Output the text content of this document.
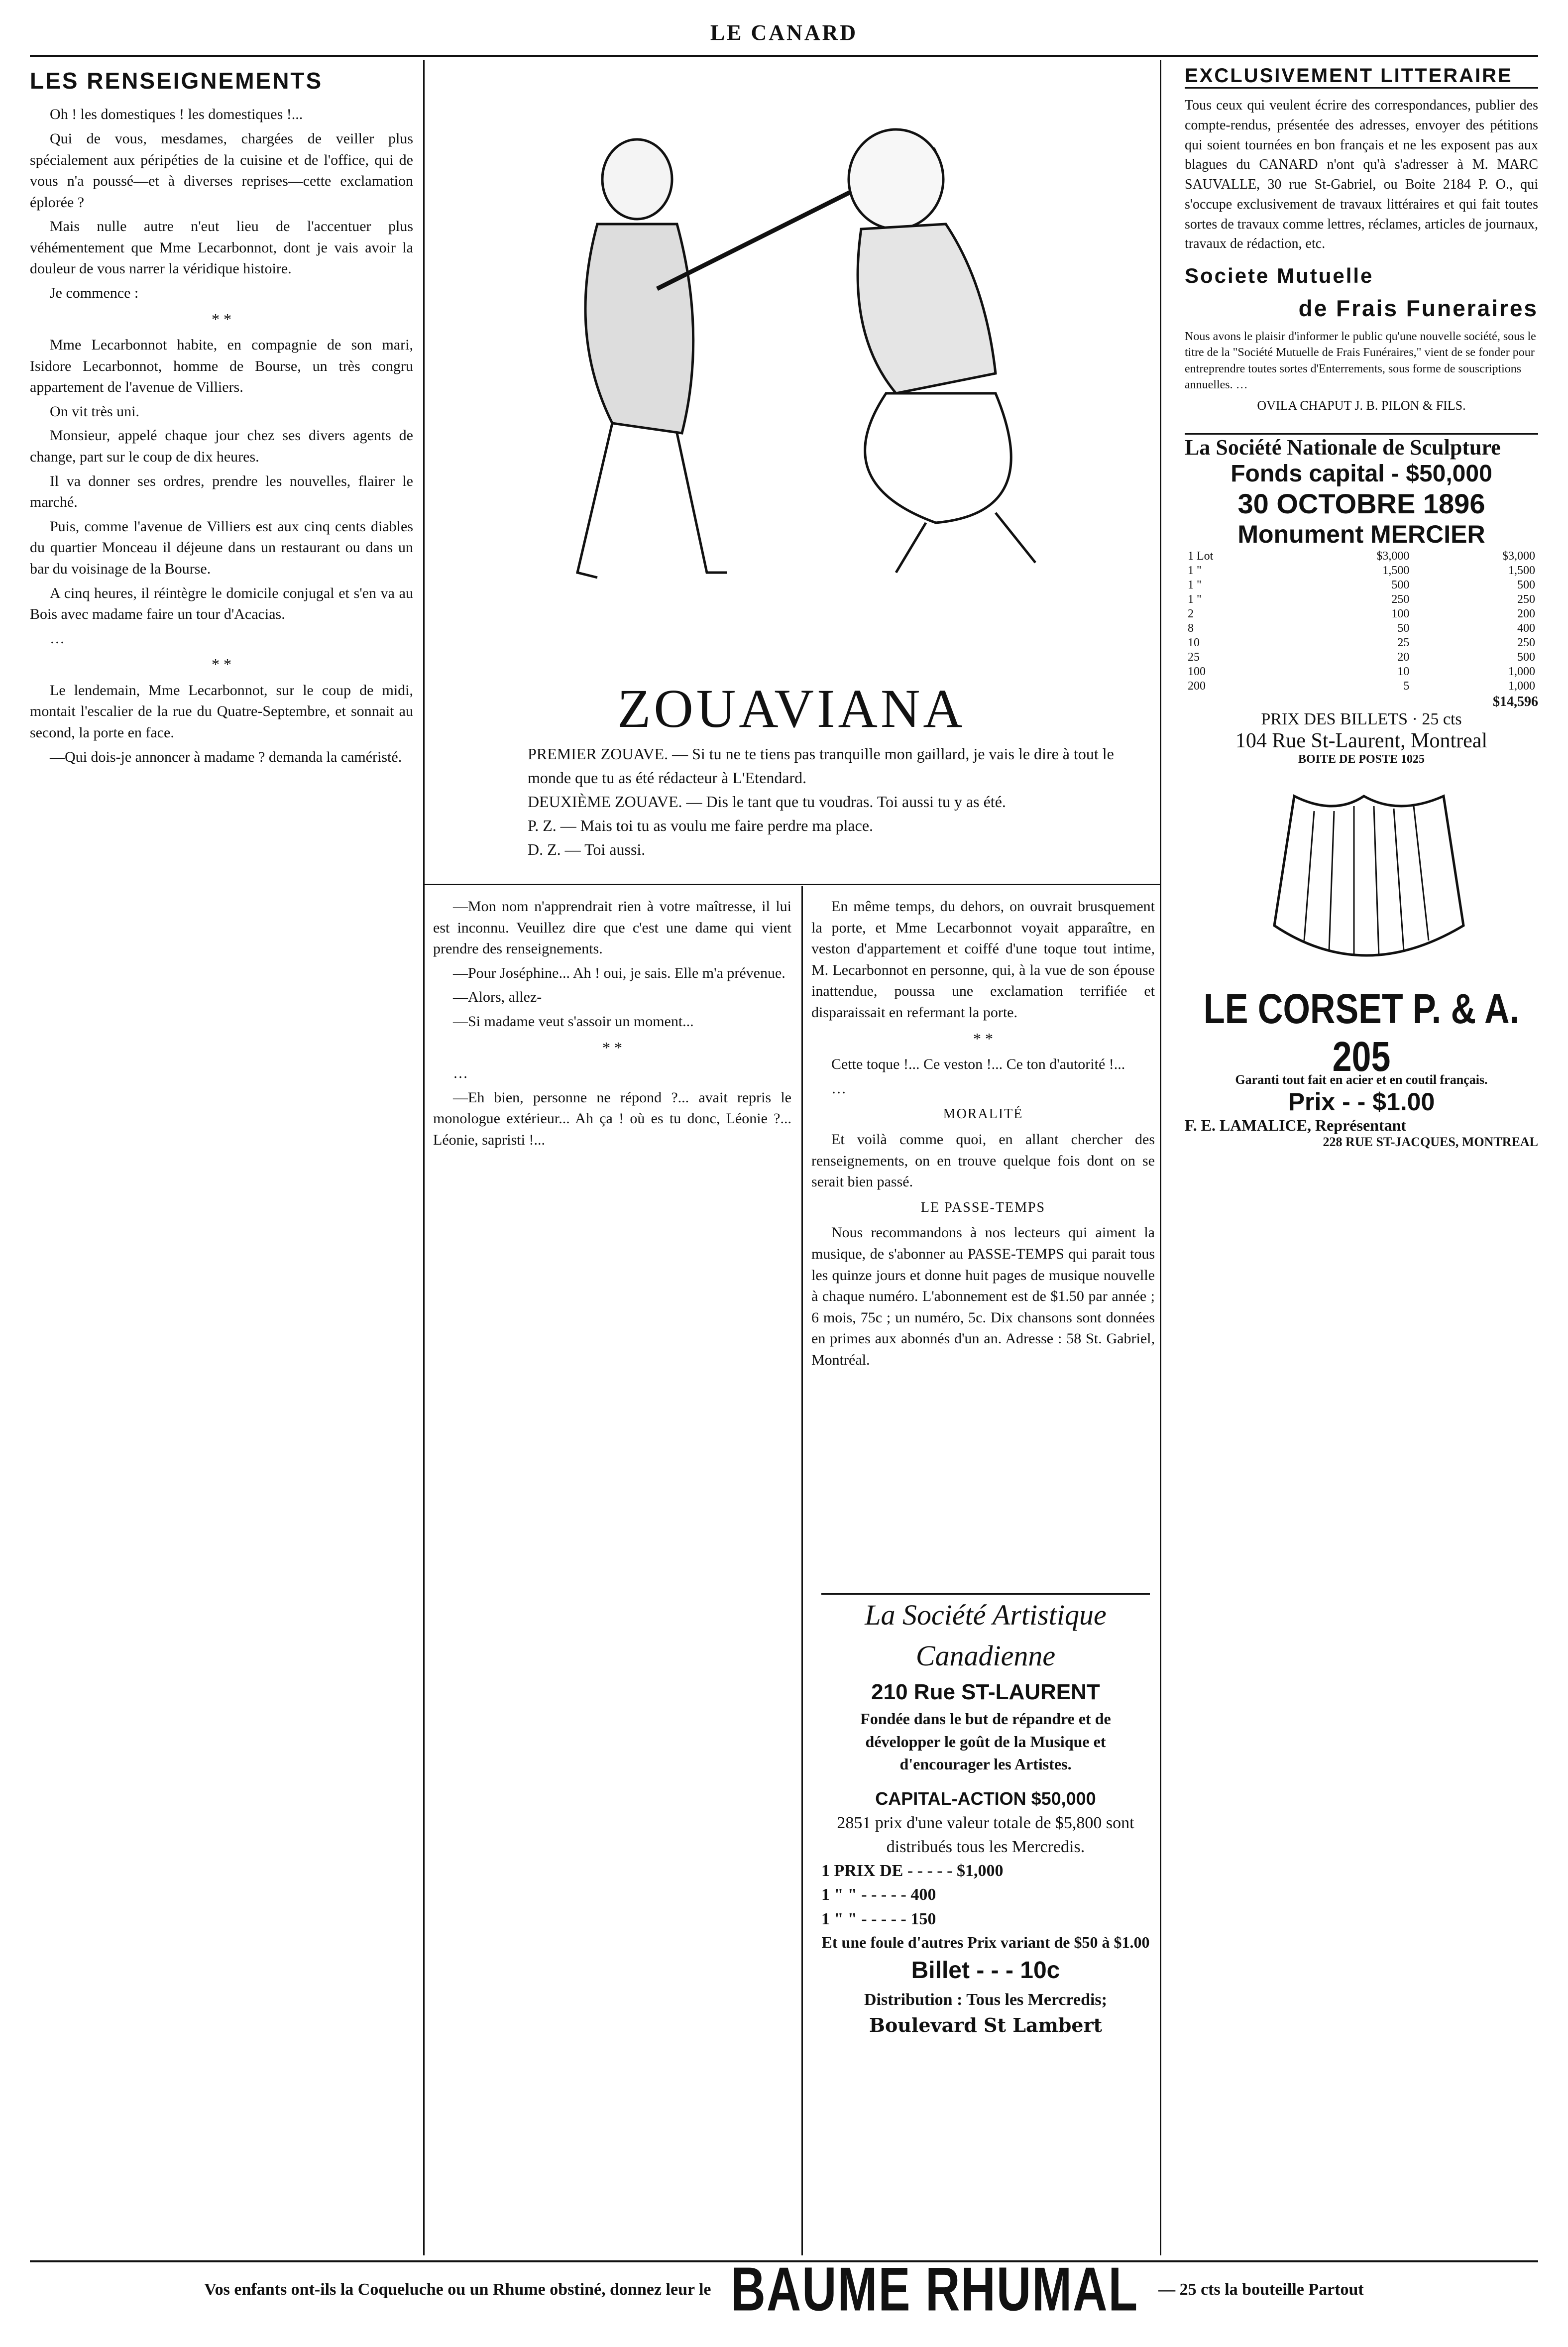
LE CANARD
LES RENSEIGNEMENTS

Oh ! les domestiques ! les domestiques !...

Qui de vous, mesdames, chargées de veiller plus spécialement aux péripéties de la cuisine et de l'office, qui de vous n'a poussé—et à diverses reprises—cette exclamation éplorée ?

Mais nulle autre n'eut lieu de l'accentuer plus véhémentement que Mme Lecarbonnot, dont je vais avoir la douleur de vous narrer la véridique histoire.

Je commence :

* *

Mme Lecarbonnot habite, en compagnie de son mari, Isidore Lecarbonnot, homme de Bourse, un très congru appartement de l'avenue de Villiers.

On vit très uni.

Monsieur, appelé chaque jour chez ses divers agents de change, part sur le coup de dix heures.

Il va donner ses ordres, prendre les nouvelles, flairer le marché.

Puis, comme l'avenue de Villiers est aux cinq cents diables du quartier Monceau il déjeune dans un restaurant ou dans un bar du voisinage de la Bourse.

A cinq heures, il réintègre le domicile conjugal et s'en va au Bois avec madame faire un tour d'Acacias.

…

* *

Le lendemain, Mme Lecarbonnot, sur le coup de midi, montait l'escalier de la rue du Quatre-Septembre, et sonnait au second, la porte en face.

—Qui dois-je annoncer à madame ? demanda la caméristé.

ZOUAVIANA
PREMIER ZOUAVE. — Si tu ne te tiens pas tranquille mon gaillard, je vais le dire à tout le monde que tu as été rédacteur à L'Etendard.
DEUXIÈME ZOUAVE. — Dis le tant que tu voudras. Toi aussi tu y as été.
P. Z. — Mais toi tu as voulu me faire perdre ma place.
D. Z. — Toi aussi.

—Mon nom n'apprendrait rien à votre maîtresse, il lui est inconnu. Veuillez dire que c'est une dame qui vient prendre des renseignements.

—Pour Joséphine... Ah ! oui, je sais. Elle m'a prévenue.

—Alors, allez-

—Si madame veut s'assoir un moment...

* *

…

—Eh bien, personne ne répond ?... avait repris le monologue extérieur... Ah ça ! où es tu donc, Léonie ?... Léonie, sapristi !...

En même temps, du dehors, on ouvrait brusquement la porte, et Mme Lecarbonnot voyait apparaître, en veston d'appartement et coiffé d'une toque tout intime, M. Lecarbonnot en personne, qui, à la vue de son épouse inattendue, poussa une exclamation terrifiée et disparaissait en refermant la porte.

* *

Cette toque !... Ce veston !... Ce ton d'autorité !...

…

MORALITÉ

Et voilà comme quoi, en allant chercher des renseignements, on en trouve quelque fois dont on se serait bien passé.

LE PASSE-TEMPS

Nous recommandons à nos lecteurs qui aiment la musique, de s'abonner au PASSE-TEMPS qui parait tous les quinze jours et donne huit pages de musique nouvelle à chaque numéro. L'abonnement est de $1.50 par année ; 6 mois, 75c ; un numéro, 5c. Dix chansons sont données en primes aux abonnés d'un an. Adresse : 58 St. Gabriel, Montréal.

La Société Artistique
Canadienne
210 Rue ST-LAURENT
Fondée dans le but de répandre et de développer le goût de la Musique et d'encourager les Artistes.
CAPITAL-ACTION $50,000
2851 prix d'une valeur totale de $5,800 sont distribués tous les Mercredis.
1 PRIX DE - - - - - $1,000
1 " " - - - - - 400
1 " " - - - - - 150
Et une foule d'autres Prix variant de $50 à $1.00
Billet - - - 10c
Distribution : Tous les Mercredis;
Boulevard St Lambert
EXCLUSIVEMENT LITTERAIRE
Tous ceux qui veulent écrire des correspondances, publier des compte-rendus, présentée des adresses, envoyer des pétitions qui soient tournées en bon français et ne les exposent pas aux blagues du CANARD n'ont qu'à s'adresser à M. MARC SAUVALLE, 30 rue St-Gabriel, ou Boite 2184 P. O., qui s'occupe exclusivement de travaux littéraires et qui fait toutes sortes de travaux comme lettres, réclames, articles de journaux, travaux de rédaction, etc.
Societe Mutuelle
de Frais Funeraires
Nous avons le plaisir d'informer le public qu'une nouvelle société, sous le titre de la "Société Mutuelle de Frais Funéraires," vient de se fonder pour entreprendre toutes sortes d'Enterrements, sous forme de souscriptions annuelles. …
OVILA CHAPUT J. B. PILON & FILS.
La Société Nationale de Sculpture
Fonds capital - $50,000
30 OCTOBRE 1896
Monument MERCIER
1 Lot	$3,000	$3,000
1 "	1,500	1,500
1 "	500	500
1 "	250	250
2	100	200
8	50	400
10	25	250
25	20	500
100	10	1,000
200	5	1,000
$14,596
PRIX DES BILLETS · 25 cts
104 Rue St-Laurent, Montreal
BOITE DE POSTE 1025
LE CORSET P. & A. 205
Garanti tout fait en acier et en coutil français.
Prix - - $1.00
F. E. LAMALICE, Représentant
228 RUE ST-JACQUES, MONTREAL
Vos enfants ont-ils la Coqueluche ou un Rhume obstiné, donnez leur le BAUME RHUMAL — 25 cts la bouteille Partout
